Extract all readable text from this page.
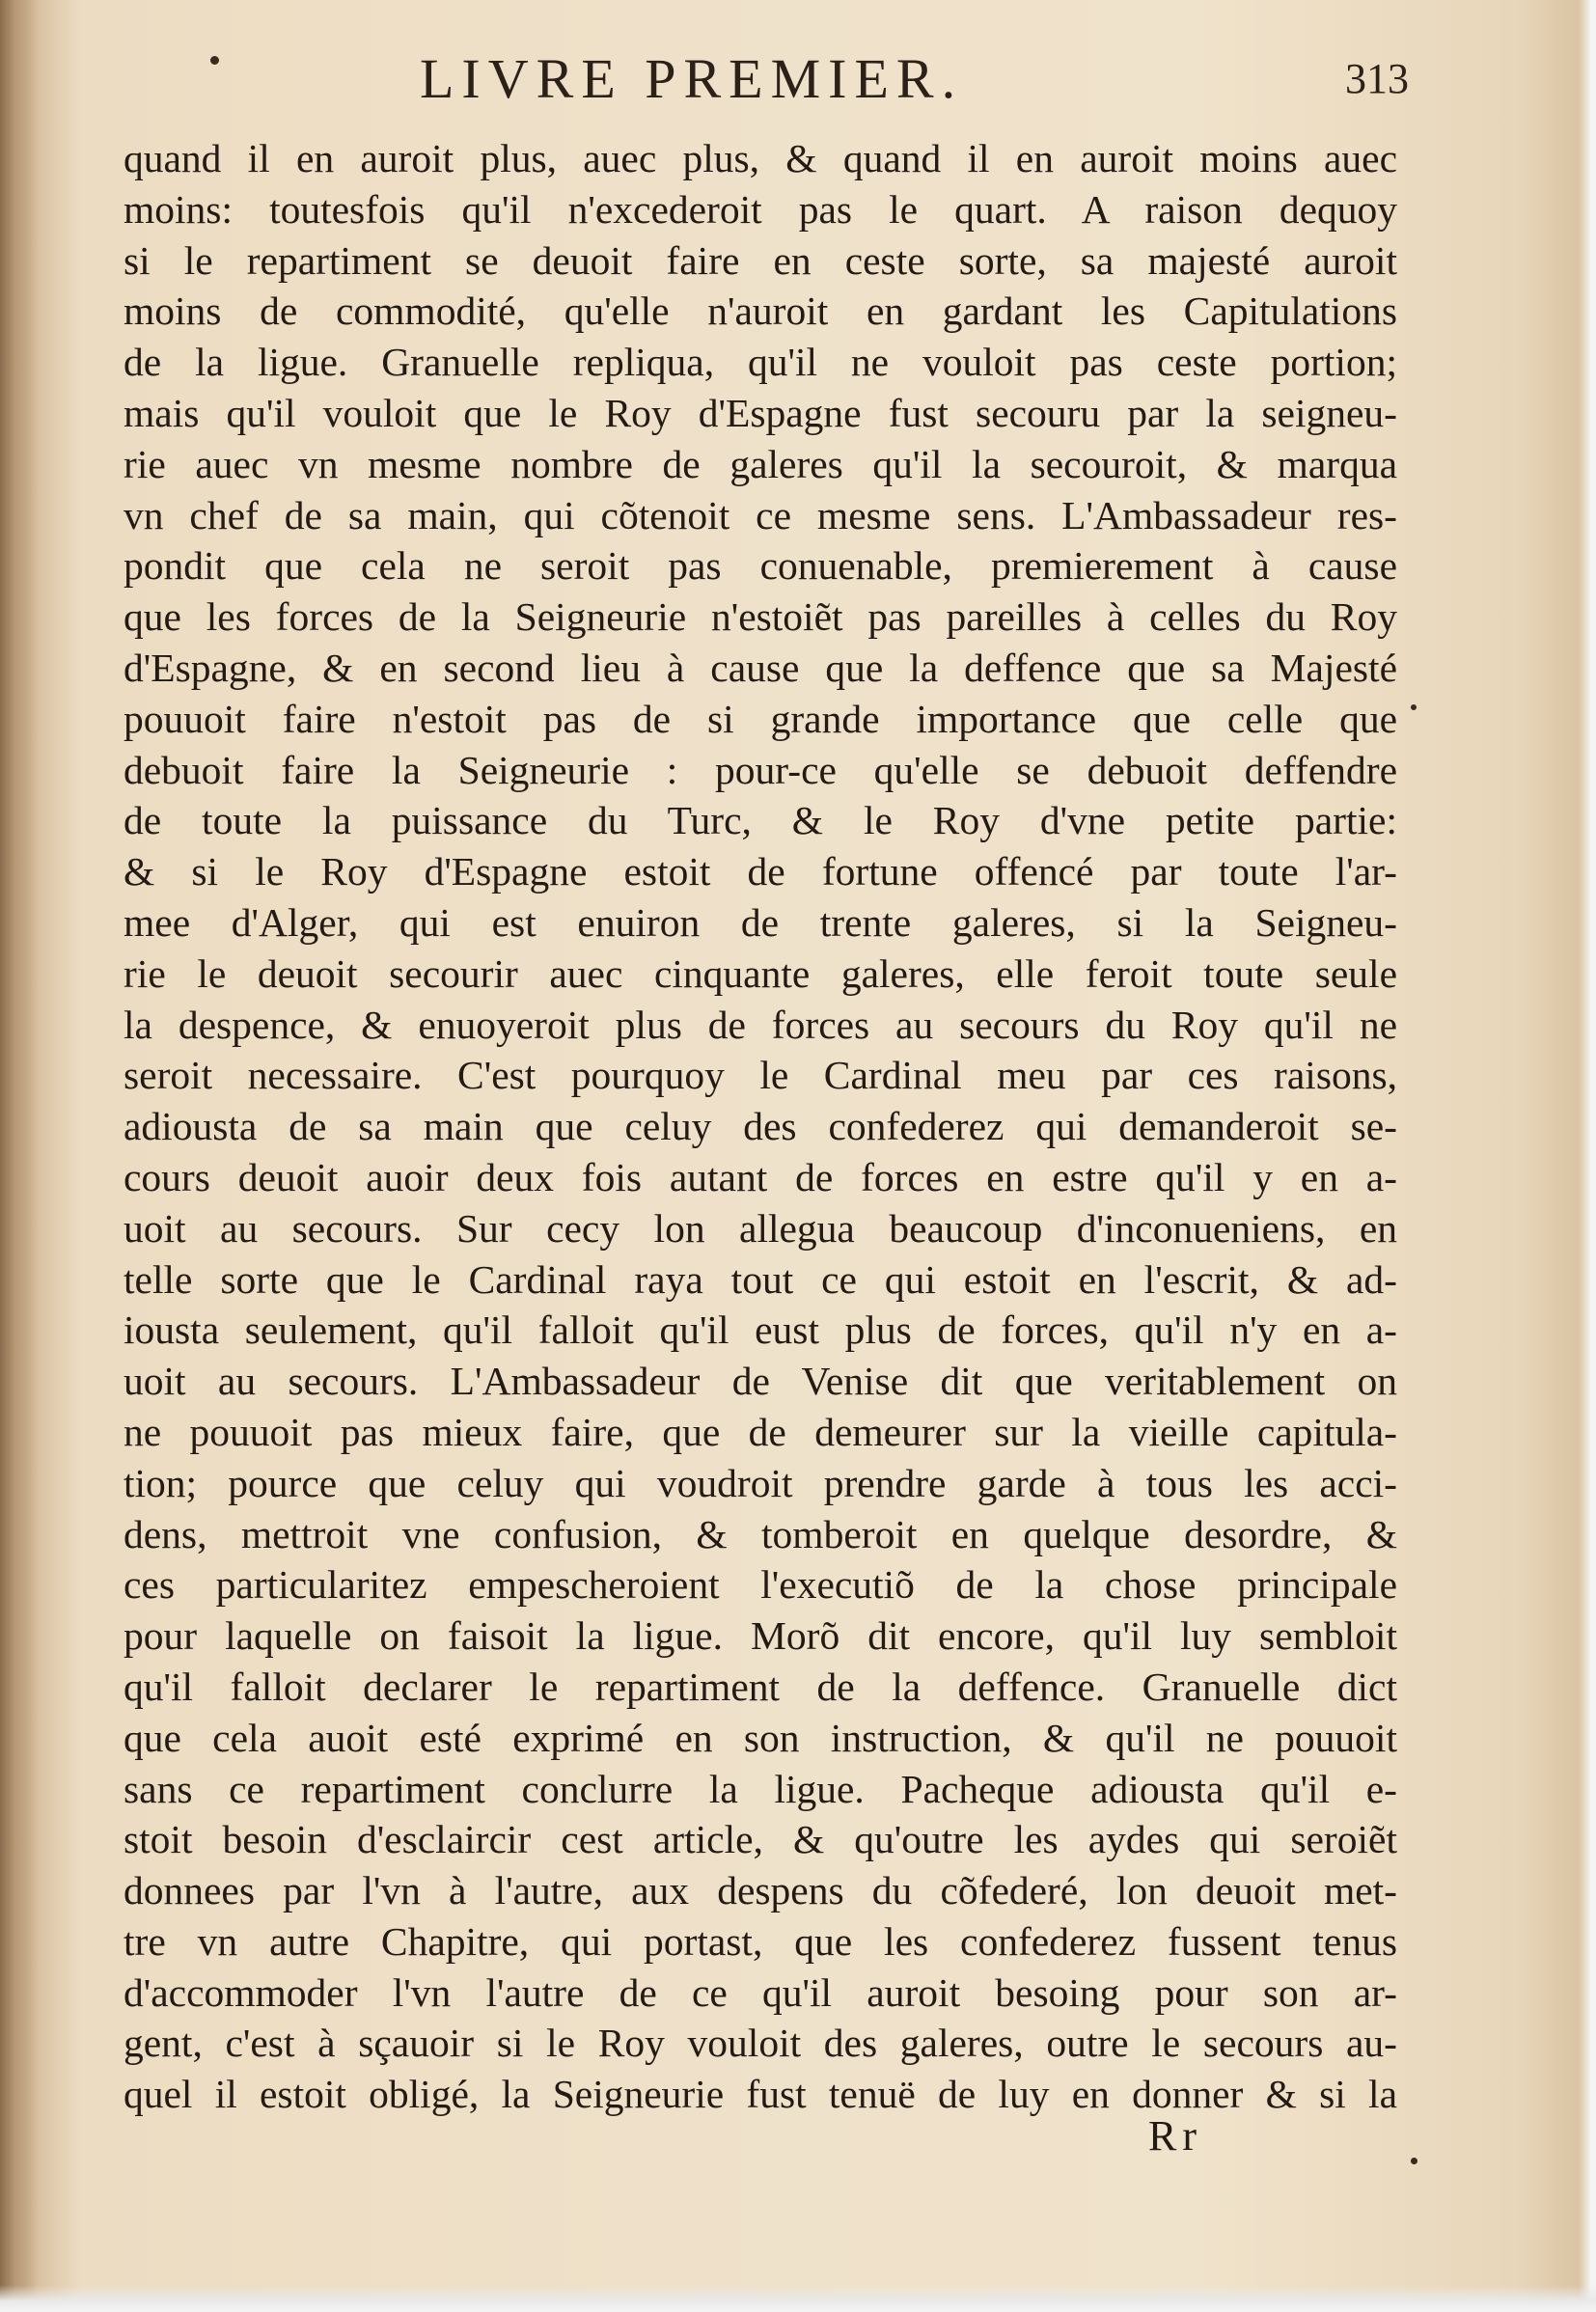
LIVRE PREMIER.	313
quand il en auroit plus, auec plus, & quand il en auroit moins auec
moins: toutesfois qu'il n'excederoit pas le quart. A raison dequoy
si le repartiment se deuoit faire en ceste sorte, sa majesté auroit
moins de commodité, qu'elle n'auroit en gardant les Capitulations
de la ligue. Granuelle repliqua, qu'il ne vouloit pas ceste portion;
mais qu'il vouloit que le Roy d'Espagne fust secouru par la seigneu-
rie auec vn mesme nombre de galeres qu'il la secouroit, & marqua
vn chef de sa main, qui cõtenoit ce mesme sens. L'Ambassadeur res-
pondit que cela ne seroit pas conuenable, premierement à cause
que les forces de la Seigneurie n'estoiẽt pas pareilles à celles du Roy
d'Espagne, & en second lieu à cause que la deffence que sa Majesté
pouuoit faire n'estoit pas de si grande importance que celle que
debuoit faire la Seigneurie : pour-ce qu'elle se debuoit deffendre
de toute la puissance du Turc, & le Roy d'vne petite partie:
& si le Roy d'Espagne estoit de fortune offencé par toute l'ar-
mee d'Alger, qui est enuiron de trente galeres, si la Seigneu-
rie le deuoit secourir auec cinquante galeres, elle feroit toute seule
la despence, & enuoyeroit plus de forces au secours du Roy qu'il ne
seroit necessaire. C'est pourquoy le Cardinal meu par ces raisons,
adiousta de sa main que celuy des confederez qui demanderoit se-
cours deuoit auoir deux fois autant de forces en estre qu'il y en a-
uoit au secours. Sur cecy lon allegua beaucoup d'inconueniens, en
telle sorte que le Cardinal raya tout ce qui estoit en l'escrit, & ad-
iousta seulement, qu'il falloit qu'il eust plus de forces, qu'il n'y en a-
uoit au secours. L'Ambassadeur de Venise dit que veritablement on
ne pouuoit pas mieux faire, que de demeurer sur la vieille capitula-
tion; pource que celuy qui voudroit prendre garde à tous les acci-
dens, mettroit vne confusion, & tomberoit en quelque desordre, &
ces particularitez empescheroient l'executiõ de la chose principale
pour laquelle on faisoit la ligue. Morõ dit encore, qu'il luy sembloit
qu'il falloit declarer le repartiment de la deffence. Granuelle dict
que cela auoit esté exprimé en son instruction, & qu'il ne pouuoit
sans ce repartiment conclurre la ligue. Pacheque adiousta qu'il e-
stoit besoin d'esclaircir cest article, & qu'outre les aydes qui seroiẽt
donnees par l'vn à l'autre, aux despens du cõfederé, lon deuoit met-
tre vn autre Chapitre, qui portast, que les confederez fussent tenus
d'accommoder l'vn l'autre de ce qu'il auroit besoing pour son ar-
gent, c'est à sçauoir si le Roy vouloit des galeres, outre le secours au-
quel il estoit obligé, la Seigneurie fust tenuë de luy en donner & si la
Rr
